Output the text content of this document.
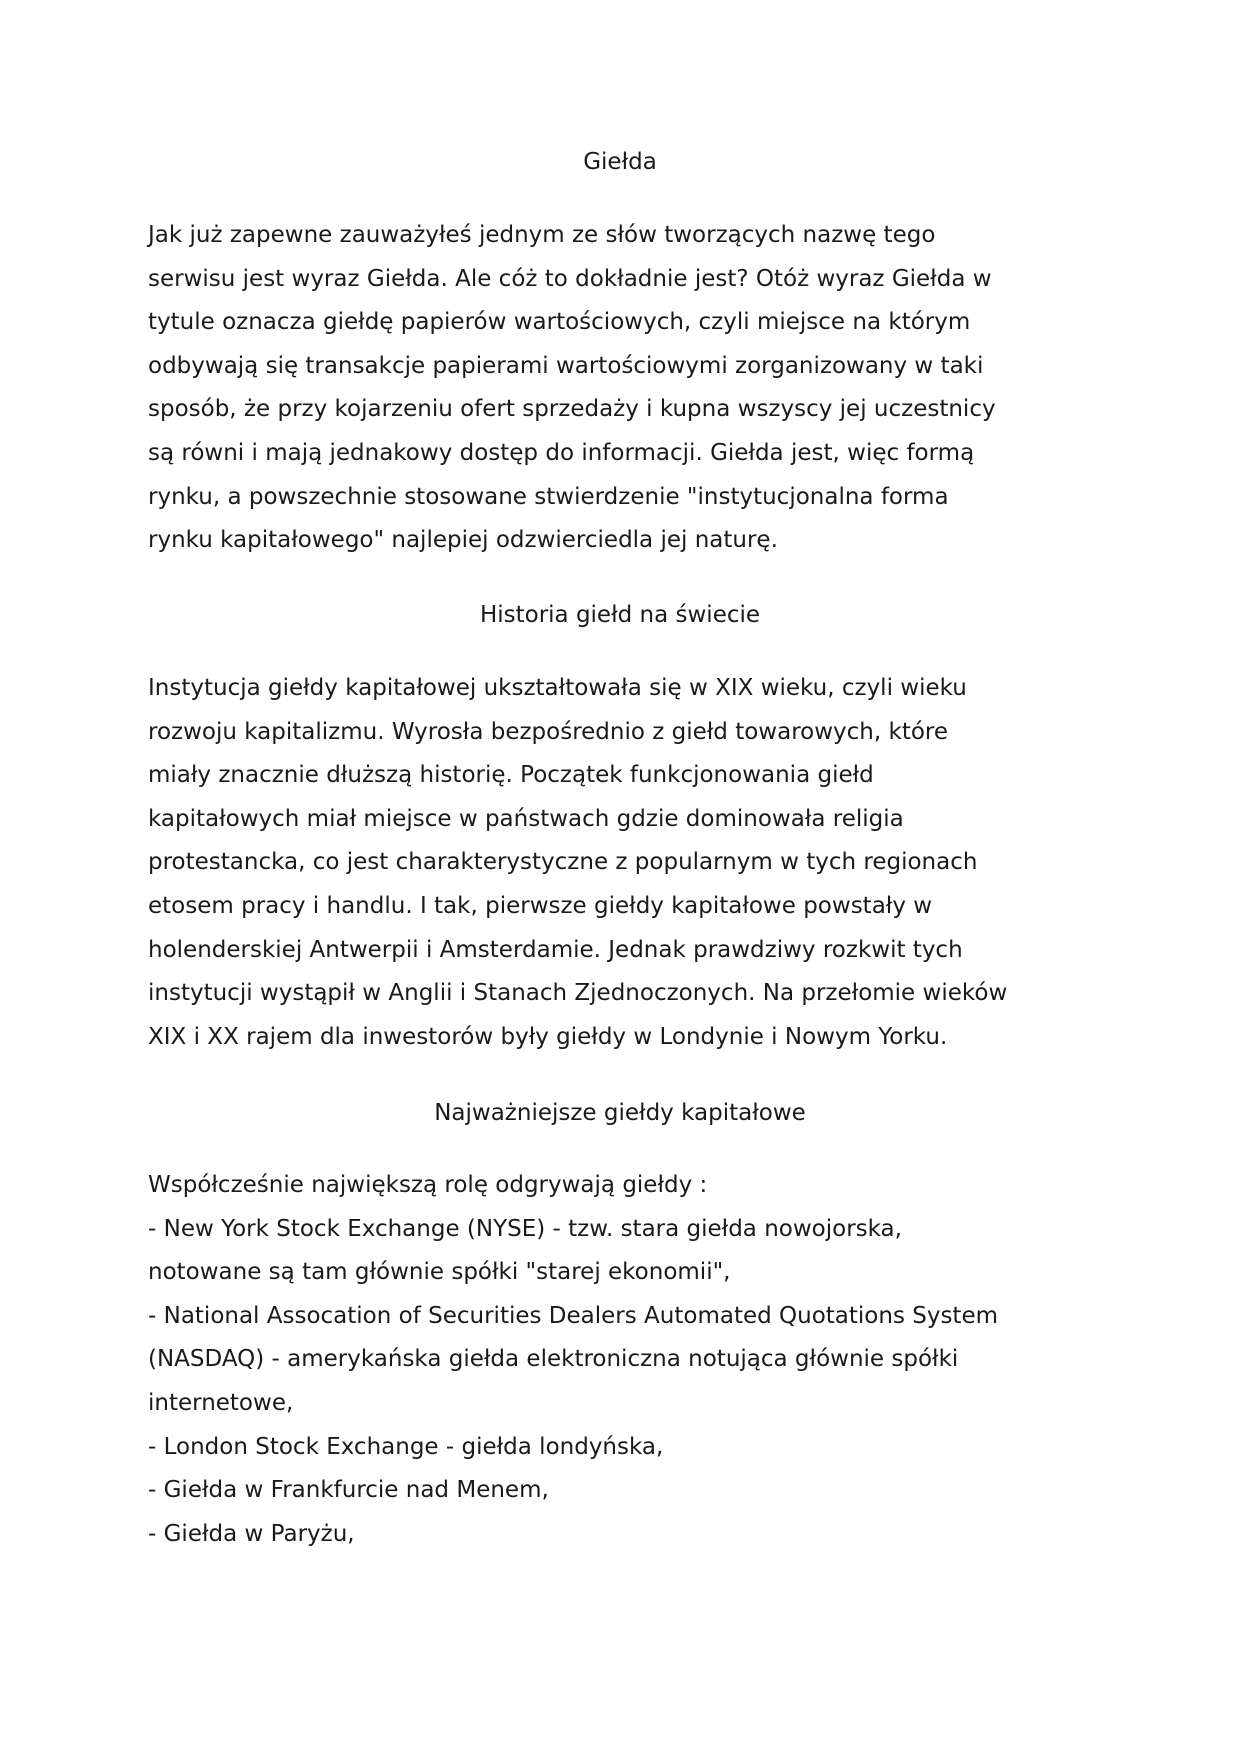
Giełda
Jak już zapewne zauważyłeś jednym ze słów tworzących nazwę tego
serwisu jest wyraz Giełda. Ale cóż to dokładnie jest? Otóż wyraz Giełda w
tytule oznacza giełdę papierów wartościowych, czyli miejsce na którym
odbywają się transakcje papierami wartościowymi zorganizowany w taki
sposób, że przy kojarzeniu ofert sprzedaży i kupna wszyscy jej uczestnicy
są równi i mają jednakowy dostęp do informacji. Giełda jest, więc formą
rynku, a powszechnie stosowane stwierdzenie "instytucjonalna forma
rynku kapitałowego" najlepiej odzwierciedla jej naturę.
Historia giełd na świecie
Instytucja giełdy kapitałowej ukształtowała się w XIX wieku, czyli wieku
rozwoju kapitalizmu. Wyrosła bezpośrednio z giełd towarowych, które
miały znacznie dłuższą historię. Początek funkcjonowania giełd
kapitałowych miał miejsce w państwach gdzie dominowała religia
protestancka, co jest charakterystyczne z popularnym w tych regionach
etosem pracy i handlu. I tak, pierwsze giełdy kapitałowe powstały w
holenderskiej Antwerpii i Amsterdamie. Jednak prawdziwy rozkwit tych
instytucji wystąpił w Anglii i Stanach Zjednoczonych. Na przełomie wieków
XIX i XX rajem dla inwestorów były giełdy w Londynie i Nowym Yorku.
Najważniejsze giełdy kapitałowe
Współcześnie największą rolę odgrywają giełdy :
- New York Stock Exchange (NYSE) - tzw. stara giełda nowojorska,
notowane są tam głównie spółki "starej ekonomii",
- National Assocation of Securities Dealers Automated Quotations System
(NASDAQ) - amerykańska giełda elektroniczna notująca głównie spółki
internetowe,
- London Stock Exchange - giełda londyńska,
- Giełda w Frankfurcie nad Menem,
- Giełda w Paryżu,
